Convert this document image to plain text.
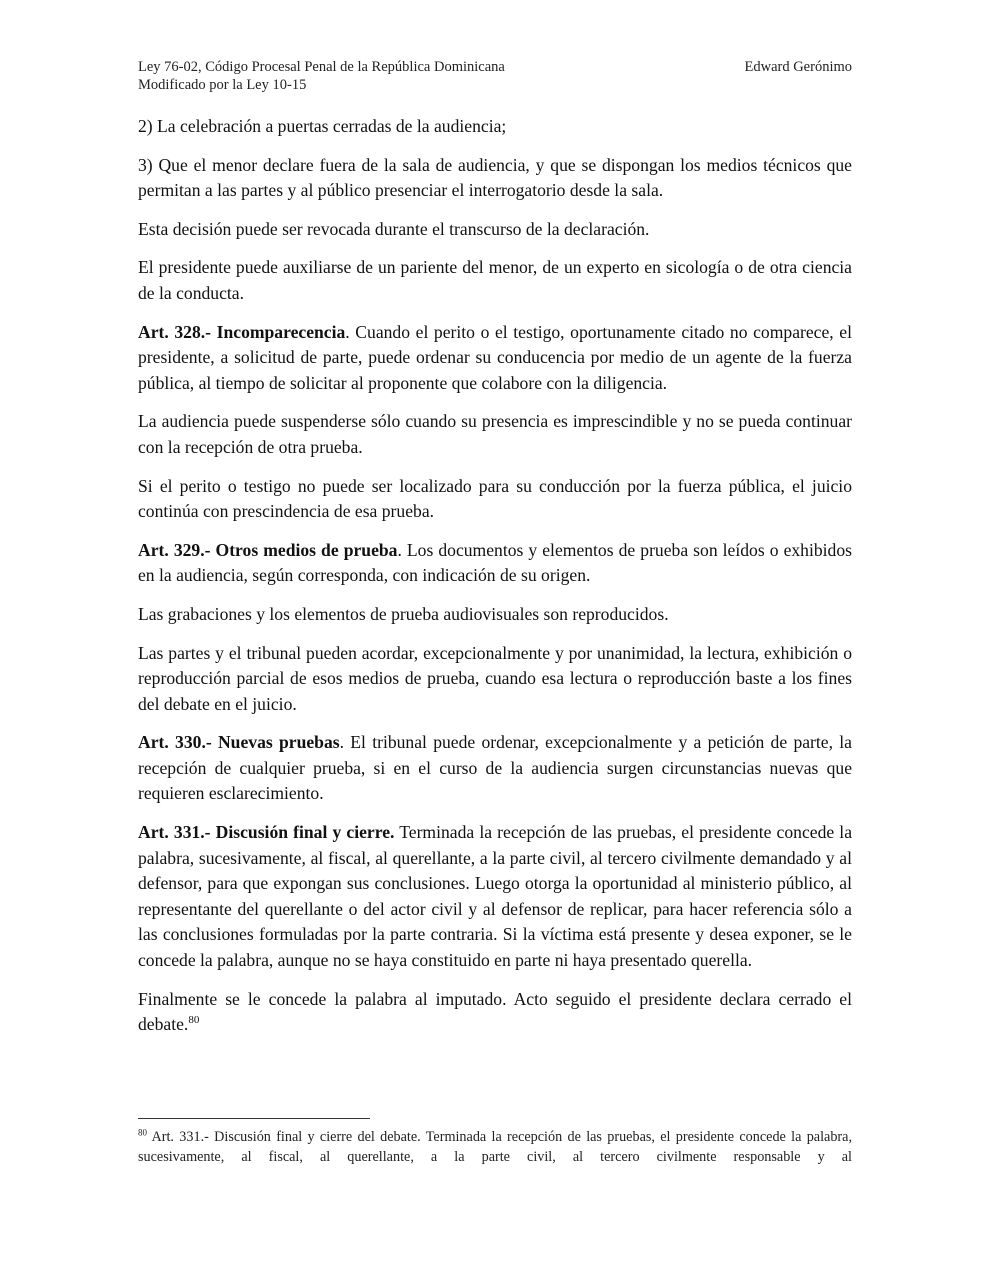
Ley 76-02, Código Procesal Penal de la República Dominicana	Edward Gerónimo
Modificado por la Ley 10-15

2) La celebración a puertas cerradas de la audiencia;

3) Que el menor declare fuera de la sala de audiencia, y que se dispongan los medios técnicos que permitan a las partes y al público presenciar el interrogatorio desde la sala.

Esta decisión puede ser revocada durante el transcurso de la declaración.

El presidente puede auxiliarse de un pariente del menor, de un experto en sicología o de otra ciencia de la conducta.

Art. 328.- Incomparecencia. Cuando el perito o el testigo, oportunamente citado no comparece, el presidente, a solicitud de parte, puede ordenar su conducencia por medio de un agente de la fuerza pública, al tiempo de solicitar al proponente que colabore con la diligencia.

La audiencia puede suspenderse sólo cuando su presencia es imprescindible y no se pueda continuar con la recepción de otra prueba.

Si el perito o testigo no puede ser localizado para su conducción por la fuerza pública, el juicio continúa con prescindencia de esa prueba.

Art. 329.- Otros medios de prueba. Los documentos y elementos de prueba son leídos o exhibidos en la audiencia, según corresponda, con indicación de su origen.

Las grabaciones y los elementos de prueba audiovisuales son reproducidos.

Las partes y el tribunal pueden acordar, excepcionalmente y por unanimidad, la lectura, exhibición o reproducción parcial de esos medios de prueba, cuando esa lectura o reproducción baste a los fines del debate en el juicio.

Art. 330.- Nuevas pruebas. El tribunal puede ordenar, excepcionalmente y a petición de parte, la recepción de cualquier prueba, si en el curso de la audiencia surgen circunstancias nuevas que requieren esclarecimiento.

Art. 331.- Discusión final y cierre. Terminada la recepción de las pruebas, el presidente concede la palabra, sucesivamente, al fiscal, al querellante, a la parte civil, al tercero civilmente demandado y al defensor, para que expongan sus conclusiones. Luego otorga la oportunidad al ministerio público, al representante del querellante o del actor civil y al defensor de replicar, para hacer referencia sólo a las conclusiones formuladas por la parte contraria. Si la víctima está presente y desea exponer, se le concede la palabra, aunque no se haya constituido en parte ni haya presentado querella.

Finalmente se le concede la palabra al imputado. Acto seguido el presidente declara cerrado el debate.$^{80}$

$^{80}$ Art. 331.- Discusión final y cierre del debate. Terminada la recepción de las pruebas, el presidente concede la palabra, sucesivamente, al fiscal, al querellante, a la parte civil, al tercero civilmente responsable y al
